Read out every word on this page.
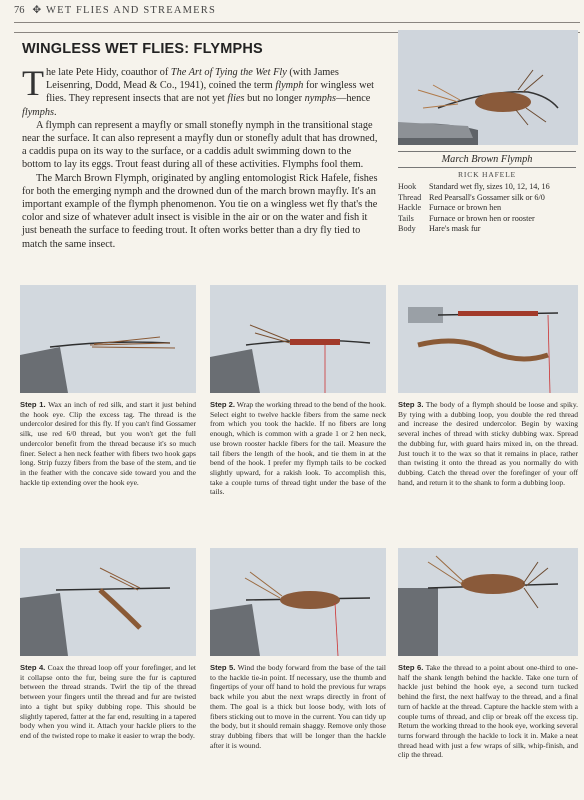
76 ✥ WET FLIES AND STREAMERS
WINGLESS WET FLIES: FLYMPHS

The late Pete Hidy, coauthor of The Art of Tying the Wet Fly (with James Leisenring, Dodd, Mead & Co., 1941), coined the term flymph for wingless wet flies. They represent insects that are not yet flies but no longer nymphs—hence flymphs.

A flymph can represent a mayfly or small stonefly nymph in the transitional stage near the surface. It can also represent a mayfly dun or stonefly adult that has drowned, a caddis pupa on its way to the surface, or a caddis adult swimming down to the bottom to lay its eggs. Trout feast during all of these activities. Flymphs fool them.

The March Brown Flymph, originated by angling entomologist Rick Hafele, fishes for both the emerging nymph and the drowned dun of the march brown mayfly. It's an important example of the flymph phenomenon. You tie on a wingless wet fly that's the color and size of whatever adult insect is visible in the air or on the water and fish it just beneath the surface to feeding trout. It often works better than a dry fly tied to match the same insect.

March Brown Flymph
RICK HAFELE
Hook	Standard wet fly, sizes 10, 12, 14, 16
Thread Red Pearsall's Gossamer silk or 6/0
Hackle Furnace or brown hen
Tails	Furnace or brown hen or rooster
Body	Hare's mask fur
Step 1. Wax an inch of red silk, and start it just behind the hook eye. Clip the excess tag. The thread is the undercolor desired for this fly. If you can't find Gossamer silk, use red 6/0 thread, but you won't get the full undercolor benefit from the thread because it's so much finer. Select a hen neck feather with fibers two hook gaps long. Strip fuzzy fibers from the base of the stem, and tie in the feather with the concave side toward you and the hackle tip extending over the hook eye.
Step 2. Wrap the working thread to the bend of the hook. Select eight to twelve hackle fibers from the same neck from which you took the hackle. If no fibers are long enough, which is common with a grade 1 or 2 hen neck, use brown rooster hackle fibers for the tail. Measure the tail fibers the length of the hook, and tie them in at the bend of the hook. I prefer my flymph tails to be cocked slightly upward, for a rakish look. To accomplish this, take a couple turns of thread tight under the base of the tails.
Step 3. The body of a flymph should be loose and spiky. By tying with a dubbing loop, you double the red thread and increase the desired undercolor. Begin by waxing several inches of thread with sticky dubbing wax. Spread the dubbing fur, with guard hairs mixed in, on the thread. Just touch it to the wax so that it remains in place, rather than twisting it onto the thread as you normally do with dubbing. Catch the thread over the forefinger of your off hand, and return it to the shank to form a dubbing loop.
Step 4. Coax the thread loop off your forefinger, and let it collapse onto the fur, being sure the fur is captured between the thread strands. Twirl the tip of the thread between your fingers until the thread and fur are twisted into a tight but spiky dubbing rope. This should be slightly tapered, fatter at the far end, resulting in a tapered body when you wind it. Attach your hackle pliers to the end of the twisted rope to make it easier to wrap the body.
Step 5. Wind the body forward from the base of the tail to the hackle tie-in point. If necessary, use the thumb and fingertips of your off hand to hold the previous fur wraps back while you abut the next wraps directly in front of them. The goal is a thick but loose body, with lots of fibers sticking out to move in the current. You can tidy up the body, but it should remain shaggy. Remove only those stray dubbing fibers that will be longer than the hackle after it is wound.
Step 6. Take the thread to a point about one-third to one-half the shank length behind the hackle. Take one turn of hackle just behind the hook eye, a second turn tucked behind the first, the next halfway to the thread, and a final turn of hackle at the thread. Capture the hackle stem with a couple turns of thread, and clip or break off the excess tip. Return the working thread to the hook eye, working several turns forward through the hackle to lock it in. Make a neat thread head with just a few wraps of silk, whip-finish, and clip the thread.
